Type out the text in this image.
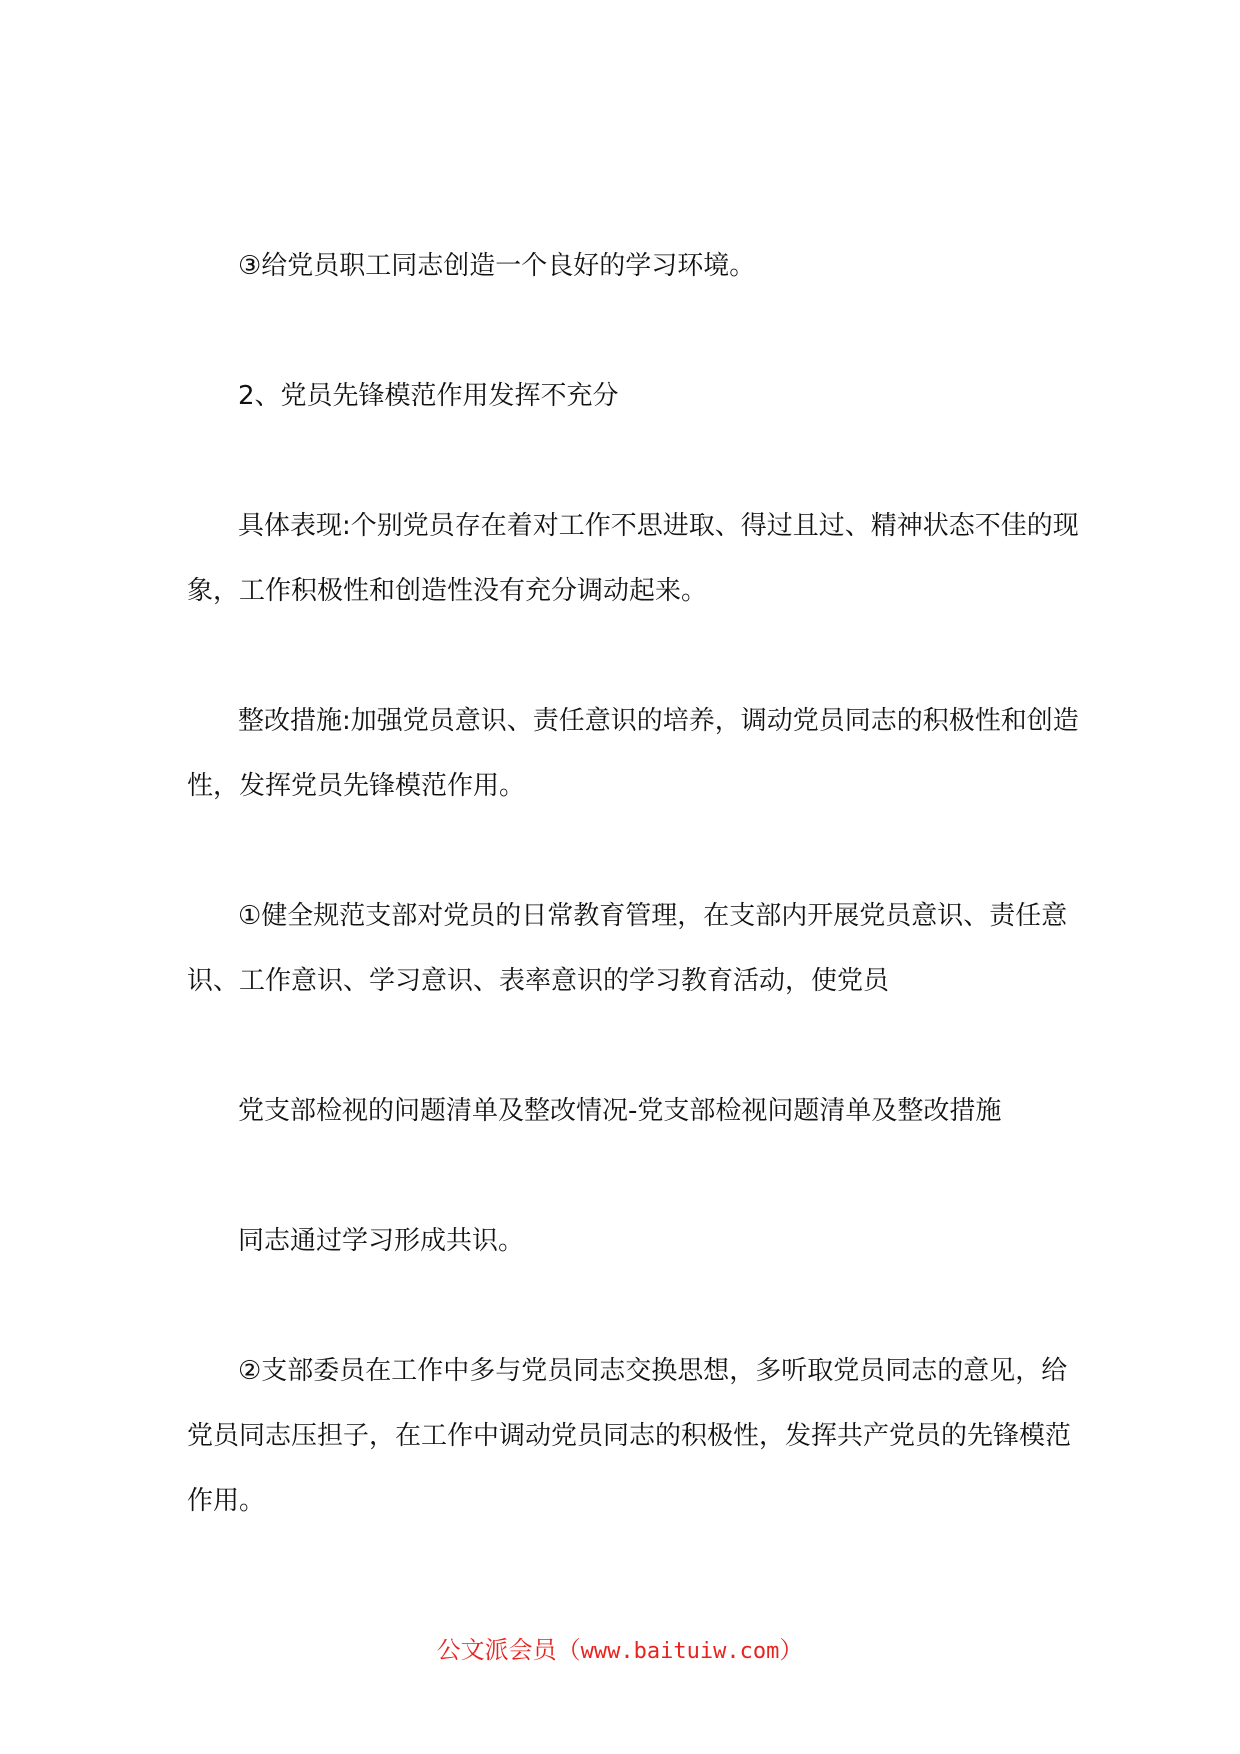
③给党员职工同志创造一个良好的学习环境。
2、党员先锋模范作用发挥不充分
具体表现:个别党员存在着对工作不思进取、得过且过、精神状态不佳的现
象，工作积极性和创造性没有充分调动起来。
整改措施:加强党员意识、责任意识的培养，调动党员同志的积极性和创造
性，发挥党员先锋模范作用。
①健全规范支部对党员的日常教育管理，在支部内开展党员意识、责任意
识、工作意识、学习意识、表率意识的学习教育活动，使党员
党支部检视的问题清单及整改情况-党支部检视问题清单及整改措施
同志通过学习形成共识。
②支部委员在工作中多与党员同志交换思想，多听取党员同志的意见，给
党员同志压担子，在工作中调动党员同志的积极性，发挥共产党员的先锋模范
作用。
公文派会员（www.baituiw.com）
